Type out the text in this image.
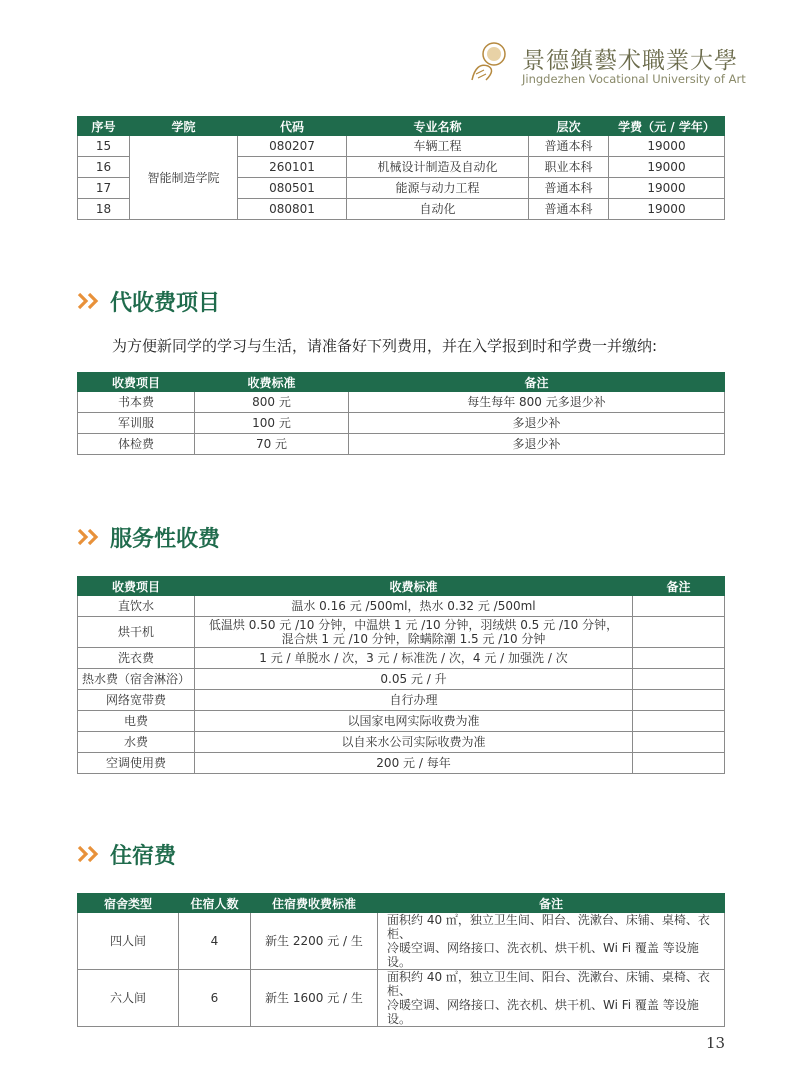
景德鎮藝术職業大學
Jingdezhen Vocational University of Art
序号	学院	代码	专业名称	层次	学费（元 / 学年）
15	智能制造学院	080207	车辆工程	普通本科	19000
16		260101	机械设计制造及自动化	职业本科	19000
17		080501	能源与动力工程	普通本科	19000
18		080801	自动化	普通本科	19000
代收费项目
为方便新同学的学习与生活，请准备好下列费用，并在入学报到时和学费一并缴纳:
收费项目	收费标准	备注
书本费	800 元	每生每年 800 元多退少补
军训服	100 元	多退少补
体检费	70 元	多退少补
服务性收费
收费项目	收费标准	备注
直饮水	温水 0.16 元 /500ml，热水 0.32 元 /500ml	
烘干机	低温烘 0.50 元 /10 分钟，中温烘 1 元 /10 分钟，羽绒烘 0.5 元 /10 分钟，
混合烘 1 元 /10 分钟，除螨除潮 1.5 元 /10 分钟	

洗衣费	1 元 / 单脱水 / 次，3 元 / 标准洗 / 次，4 元 / 加强洗 / 次	
热水费（宿舍淋浴）	0.05 元 / 升	
网络宽带费	自行办理	
电费	以国家电网实际收费为准	
水费	以自来水公司实际收费为准	
空调使用费	200 元 / 每年	
住宿费
宿舍类型	住宿人数	住宿费收费标准	备注
四人间	4	新生 2200 元 / 生	面积约 40 ㎡，独立卫生间、阳台、洗漱台、床铺、桌椅、衣柜、
冷暖空调、网络接口、洗衣机、烘干机、Wi Fi 覆盖 等设施设。

六人间	6	新生 1600 元 / 生	面积约 40 ㎡，独立卫生间、阳台、洗漱台、床铺、桌椅、衣柜、
冷暖空调、网络接口、洗衣机、烘干机、Wi Fi 覆盖 等设施设。
13
